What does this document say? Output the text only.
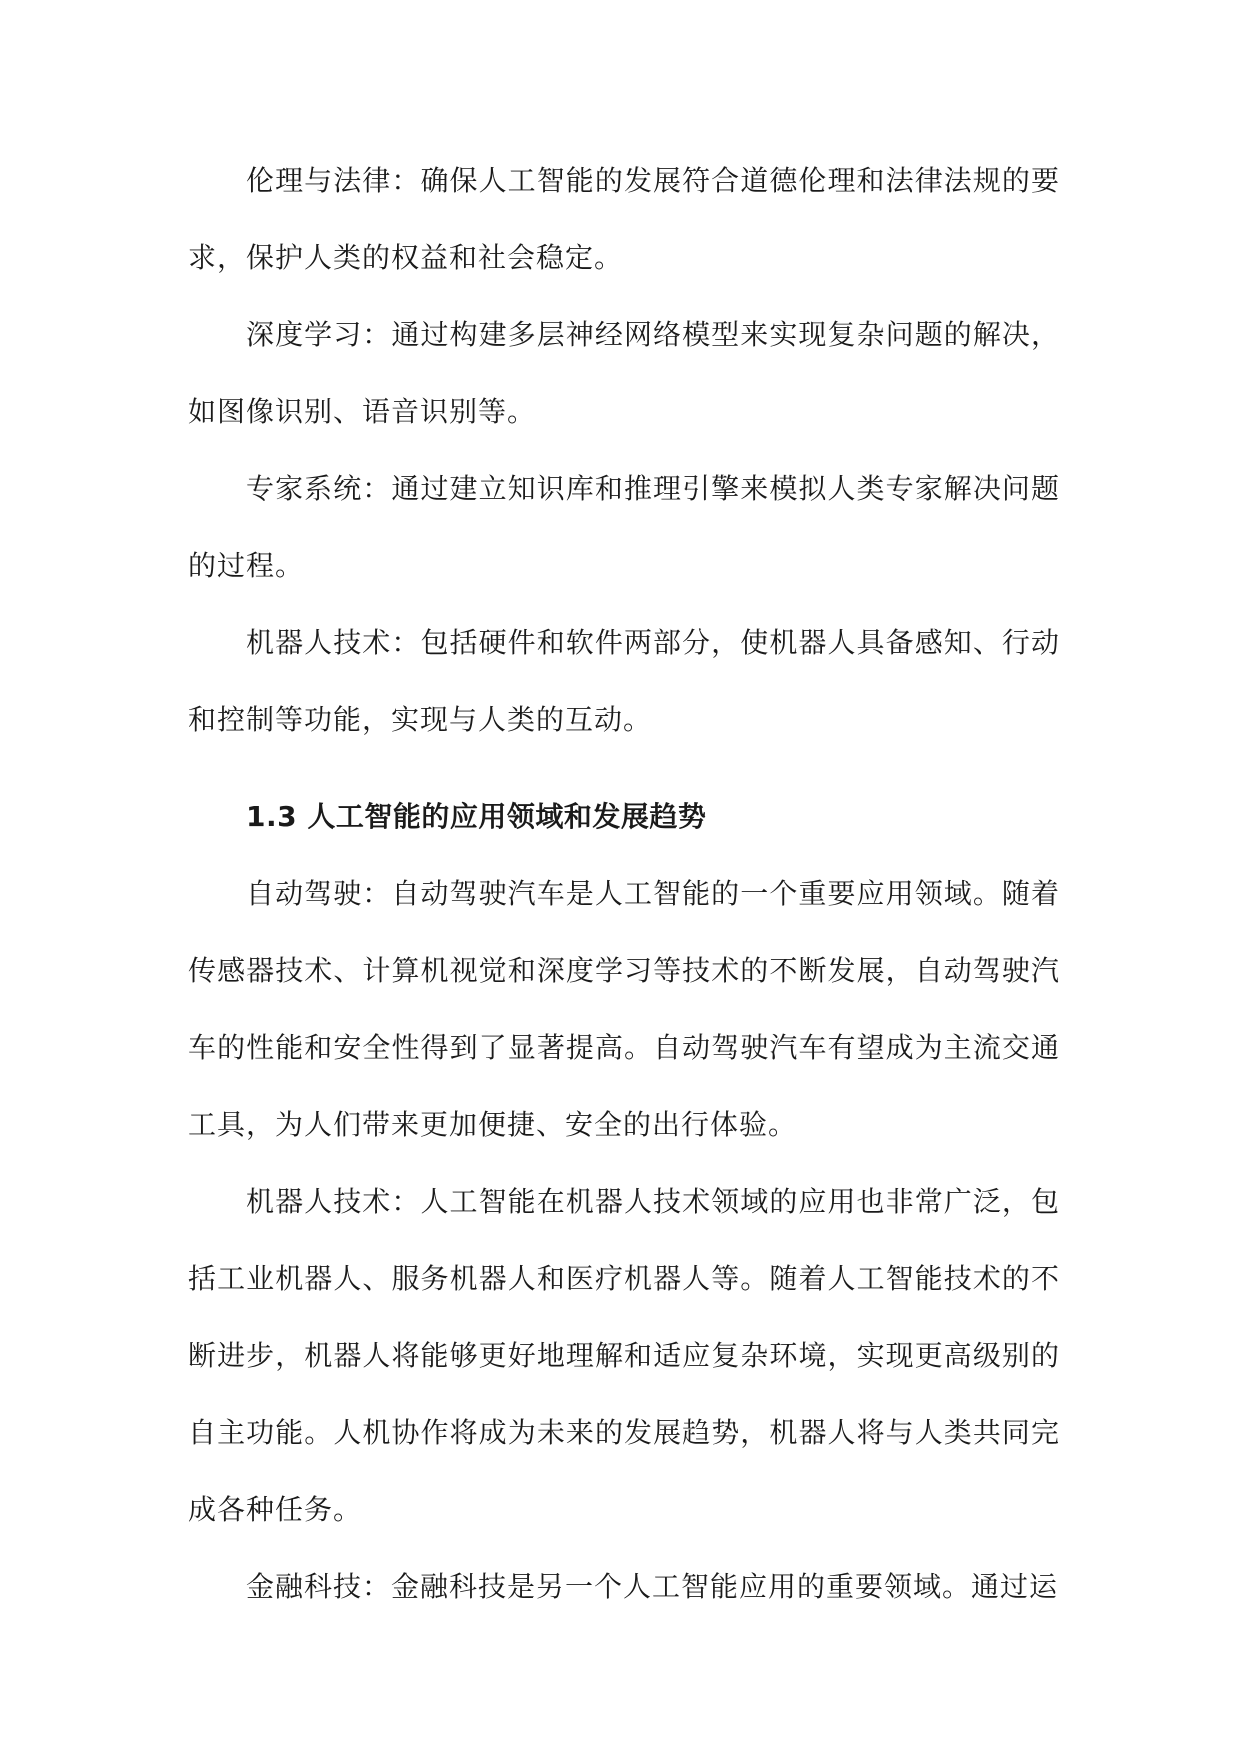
伦理与法律：确保人工智能的发展符合道德伦理和法律法规的要求，保护人类的权益和社会稳定。

深度学习：通过构建多层神经网络模型来实现复杂问题的解决，如图像识别、语音识别等。

专家系统：通过建立知识库和推理引擎来模拟人类专家解决问题的过程。

机器人技术：包括硬件和软件两部分，使机器人具备感知、行动和控制等功能，实现与人类的互动。

1.3 人工智能的应用领域和发展趋势

自动驾驶：自动驾驶汽车是人工智能的一个重要应用领域。随着传感器技术、计算机视觉和深度学习等技术的不断发展，自动驾驶汽车的性能和安全性得到了显著提高。自动驾驶汽车有望成为主流交通工具，为人们带来更加便捷、安全的出行体验。

机器人技术：人工智能在机器人技术领域的应用也非常广泛，包括工业机器人、服务机器人和医疗机器人等。随着人工智能技术的不断进步，机器人将能够更好地理解和适应复杂环境，实现更高级别的自主功能。人机协作将成为未来的发展趋势，机器人将与人类共同完成各种任务。

金融科技：金融科技是另一个人工智能应用的重要领域。通过运
